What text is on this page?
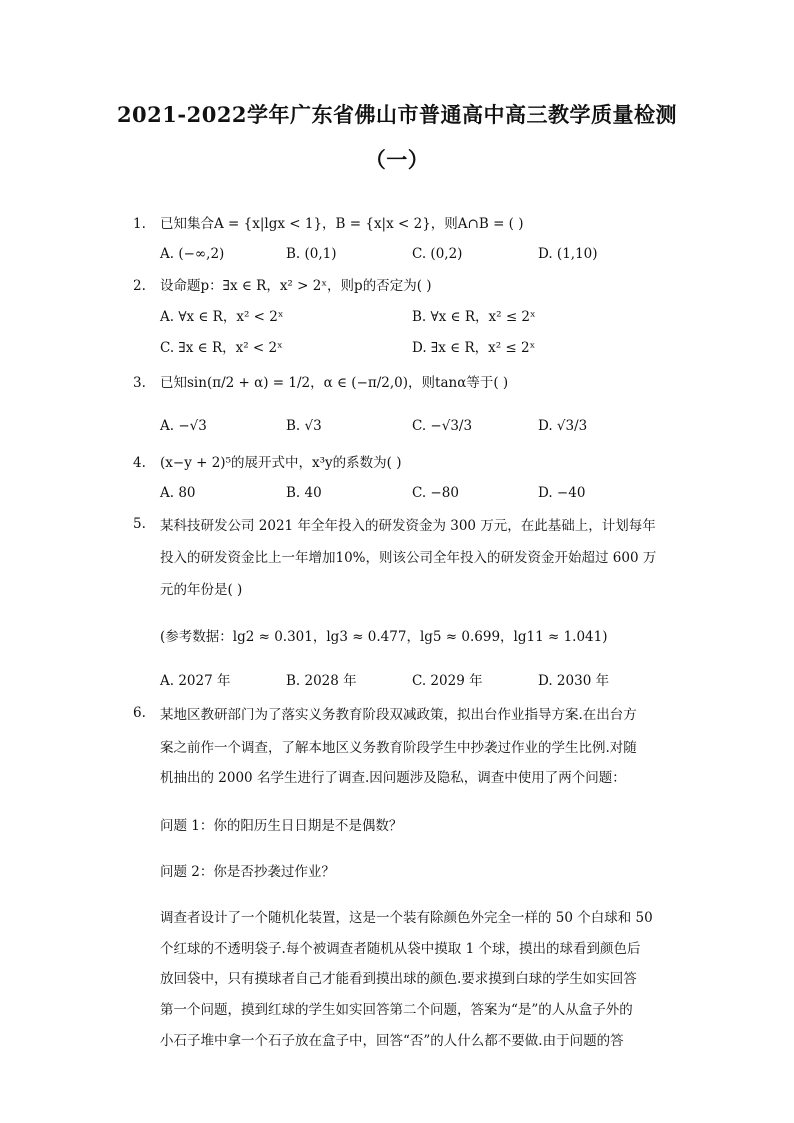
2021-2022学年广东省佛山市普通高中高三教学质量检测
（一）
1. 已知集合A = {x|lgx < 1}，B = {x|x < 2}，则A∩B = ( )
A. (−∞,2)	B. (0,1)	C. (0,2)	D. (1,10)
2. 设命题p：∃x ∈ R，x² > 2ˣ，则p的否定为( )
A. ∀x ∈ R，x² < 2ˣ	B. ∀x ∈ R，x² ≤ 2ˣ
C. ∃x ∈ R，x² < 2ˣ	D. ∃x ∈ R，x² ≤ 2ˣ
3. 已知sin(π/2 + α) = 1/2，α ∈ (−π/2,0)，则tanα等于( )
A. −√3	B. √3	C. −√3/3	D. √3/3
4. (x−y + 2)⁵的展开式中，x³y的系数为( )
A. 80	B. 40	C. −80	D. −40
5.	某科技研发公司 2021 年全年投入的研发资金为 300 万元，在此基础上，计划每年
投入的研发资金比上一年增加10%，则该公司全年投入的研发资金开始超过 600 万
元的年份是( )
(参考数据：lg2 ≈ 0.301，lg3 ≈ 0.477，lg5 ≈ 0.699，lg11 ≈ 1.041)
A. 2027 年	B. 2028 年	C. 2029 年	D. 2030 年
6.	某地区教研部门为了落实义务教育阶段双减政策，拟出台作业指导方案.在出台方
案之前作一个调查，了解本地区义务教育阶段学生中抄袭过作业的学生比例.对随
机抽出的 2000 名学生进行了调查.因问题涉及隐私，调查中使用了两个问题：
问题 1：你的阳历生日日期是不是偶数？
问题 2：你是否抄袭过作业？
调查者设计了一个随机化装置，这是一个装有除颜色外完全一样的 50 个白球和 50
个红球的不透明袋子.每个被调查者随机从袋中摸取 1 个球，摸出的球看到颜色后
放回袋中，只有摸球者自己才能看到摸出球的颜色.要求摸到白球的学生如实回答
第一个问题，摸到红球的学生如实回答第二个问题，答案为“是”的人从盒子外的
小石子堆中拿一个石子放在盒子中，回答“否”的人什么都不要做.由于问题的答
